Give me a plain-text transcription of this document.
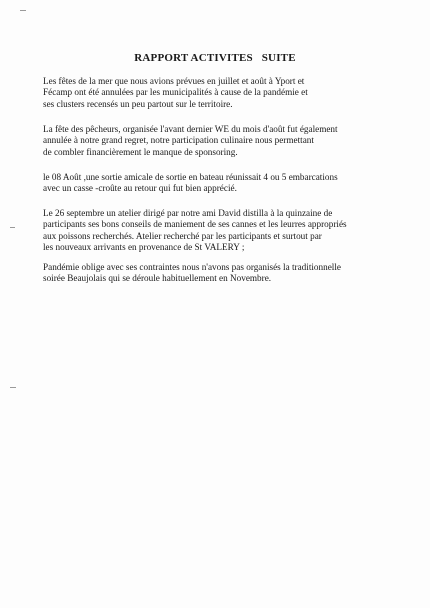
RAPPORT ACTIVITES   SUITE
Les fêtes de la mer que nous avions prévues en juillet et août à Yport et
Fécamp ont été annulées par les municipalités à cause de la pandémie et
ses clusters recensés un peu partout sur le territoire.
La fête des pêcheurs, organisée l'avant dernier WE du mois d'août fut également
annulée à notre grand regret, notre participation culinaire nous permettant
de combler financièrement le manque de sponsoring.
le 08 Août ,une sortie amicale de sortie en bateau réunissait 4 ou 5 embarcations
avec un casse -croûte au retour qui fut bien apprécié.
Le 26 septembre un atelier dirigé par notre ami David distilla à la quinzaine de
participants ses bons conseils de maniement de ses cannes et les leurres appropriés
aux poissons recherchés. Atelier recherché par les participants et surtout par
les nouveaux arrivants en provenance de St VALERY ;
Pandémie oblige avec ses contraintes nous n'avons pas organisés la traditionnelle
soirée Beaujolais qui se déroule habituellement en Novembre.
